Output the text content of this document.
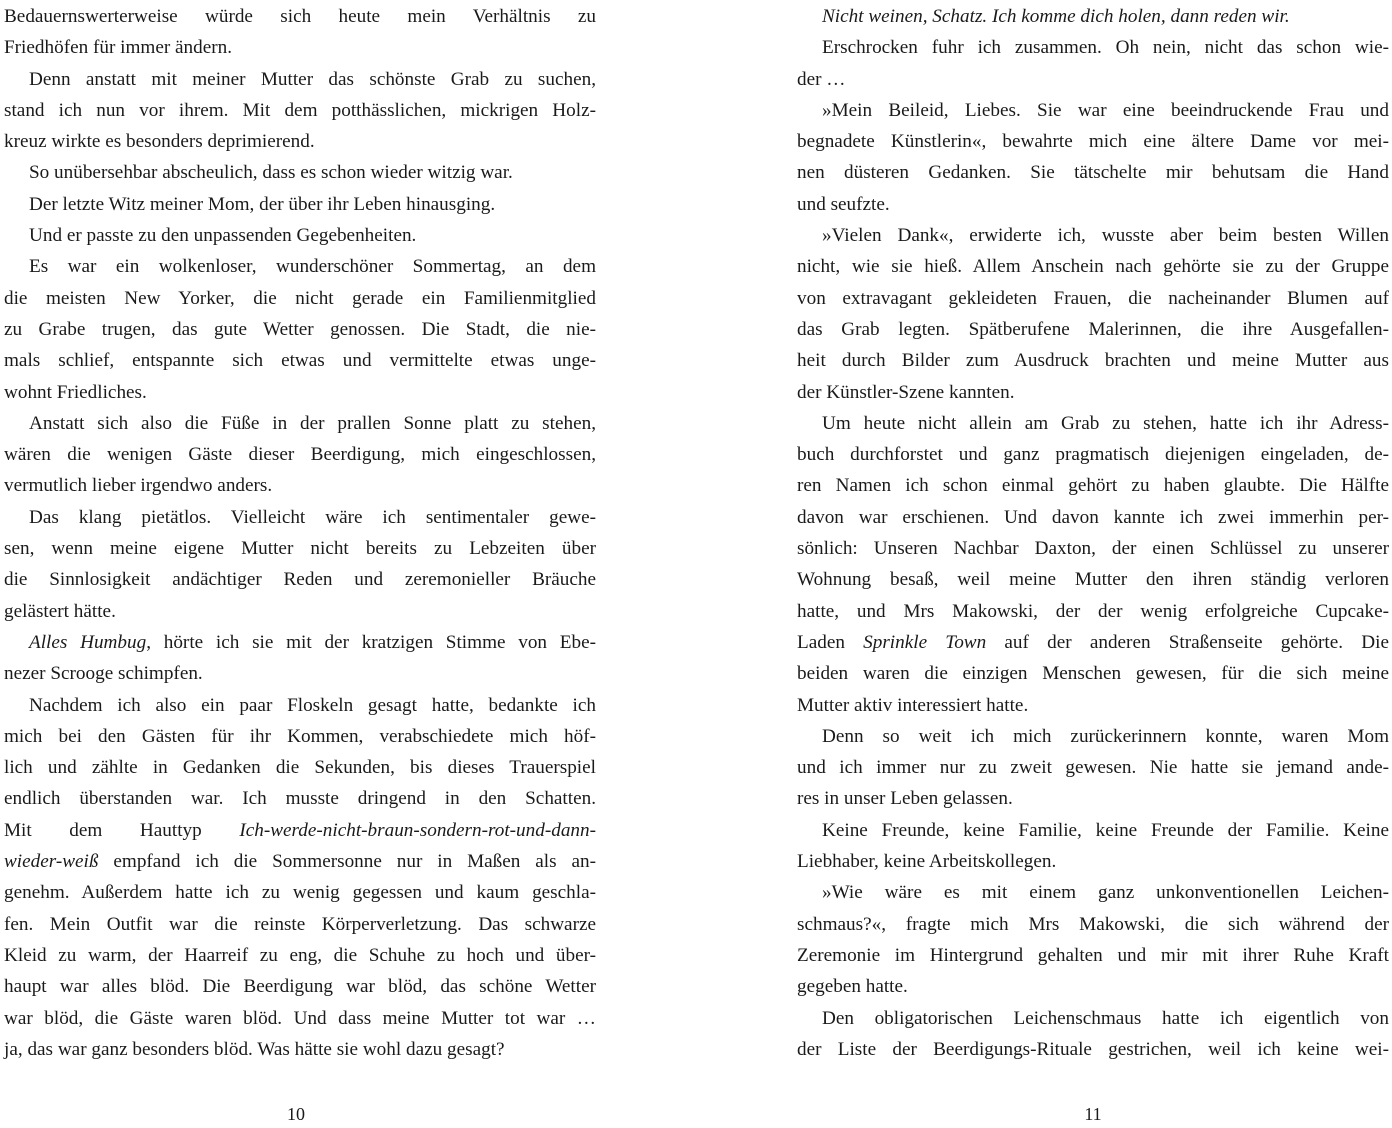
Bedauernswerterweise würde sich heute mein Verhältnis zu
Friedhöfen für immer ändern.
Denn anstatt mit meiner Mutter das schönste Grab zu suchen,
stand ich nun vor ihrem. Mit dem potthässlichen, mickrigen Holz-
kreuz wirkte es besonders deprimierend.
So unübersehbar abscheulich, dass es schon wieder witzig war.
Der letzte Witz meiner Mom, der über ihr Leben hinausging.
Und er passte zu den unpassenden Gegebenheiten.
Es war ein wolkenloser, wunderschöner Sommertag, an dem
die meisten New Yorker, die nicht gerade ein Familienmitglied
zu Grabe trugen, das gute Wetter genossen. Die Stadt, die nie-
mals schlief, entspannte sich etwas und vermittelte etwas unge-
wohnt Friedliches.
Anstatt sich also die Füße in der prallen Sonne platt zu stehen,
wären die wenigen Gäste dieser Beerdigung, mich eingeschlossen,
vermutlich lieber irgendwo anders.
Das klang pietätlos. Vielleicht wäre ich sentimentaler gewe-
sen, wenn meine eigene Mutter nicht bereits zu Lebzeiten über
die Sinnlosigkeit andächtiger Reden und zeremonieller Bräuche
gelästert hätte.
Alles Humbug, hörte ich sie mit der kratzigen Stimme von Ebe-
nezer Scrooge schimpfen.
Nachdem ich also ein paar Floskeln gesagt hatte, bedankte ich
mich bei den Gästen für ihr Kommen, verabschiedete mich höf-
lich und zählte in Gedanken die Sekunden, bis dieses Trauerspiel
endlich überstanden war. Ich musste dringend in den Schatten.
Mit dem Hauttyp Ich-werde-nicht-braun-sondern-rot-und-dann-
wieder-weiß empfand ich die Sommersonne nur in Maßen als an-
genehm. Außerdem hatte ich zu wenig gegessen und kaum geschla-
fen. Mein Outfit war die reinste Körperverletzung. Das schwarze
Kleid zu warm, der Haarreif zu eng, die Schuhe zu hoch und über-
haupt war alles blöd. Die Beerdigung war blöd, das schöne Wetter
war blöd, die Gäste waren blöd. Und dass meine Mutter tot war …
ja, das war ganz besonders blöd. Was hätte sie wohl dazu gesagt?
10
Nicht weinen, Schatz. Ich komme dich holen, dann reden wir.
Erschrocken fuhr ich zusammen. Oh nein, nicht das schon wie-
der …
»Mein Beileid, Liebes. Sie war eine beeindruckende Frau und
begnadete Künstlerin«, bewahrte mich eine ältere Dame vor mei-
nen düsteren Gedanken. Sie tätschelte mir behutsam die Hand
und seufzte.
»Vielen Dank«, erwiderte ich, wusste aber beim besten Willen
nicht, wie sie hieß. Allem Anschein nach gehörte sie zu der Gruppe
von extravagant gekleideten Frauen, die nacheinander Blumen auf
das Grab legten. Spätberufene Malerinnen, die ihre Ausgefallen-
heit durch Bilder zum Ausdruck brachten und meine Mutter aus
der Künstler-Szene kannten.
Um heute nicht allein am Grab zu stehen, hatte ich ihr Adress-
buch durchforstet und ganz pragmatisch diejenigen eingeladen, de-
ren Namen ich schon einmal gehört zu haben glaubte. Die Hälfte
davon war erschienen. Und davon kannte ich zwei immerhin per-
sönlich: Unseren Nachbar Daxton, der einen Schlüssel zu unserer
Wohnung besaß, weil meine Mutter den ihren ständig verloren
hatte, und Mrs Makowski, der der wenig erfolgreiche Cupcake-
Laden Sprinkle Town auf der anderen Straßenseite gehörte. Die
beiden waren die einzigen Menschen gewesen, für die sich meine
Mutter aktiv interessiert hatte.
Denn so weit ich mich zurückerinnern konnte, waren Mom
und ich immer nur zu zweit gewesen. Nie hatte sie jemand ande-
res in unser Leben gelassen.
Keine Freunde, keine Familie, keine Freunde der Familie. Keine
Liebhaber, keine Arbeitskollegen.
»Wie wäre es mit einem ganz unkonventionellen Leichen-
schmaus?«, fragte mich Mrs Makowski, die sich während der
Zeremonie im Hintergrund gehalten und mir mit ihrer Ruhe Kraft
gegeben hatte.
Den obligatorischen Leichenschmaus hatte ich eigentlich von
der Liste der Beerdigungs-Rituale gestrichen, weil ich keine wei-
11
